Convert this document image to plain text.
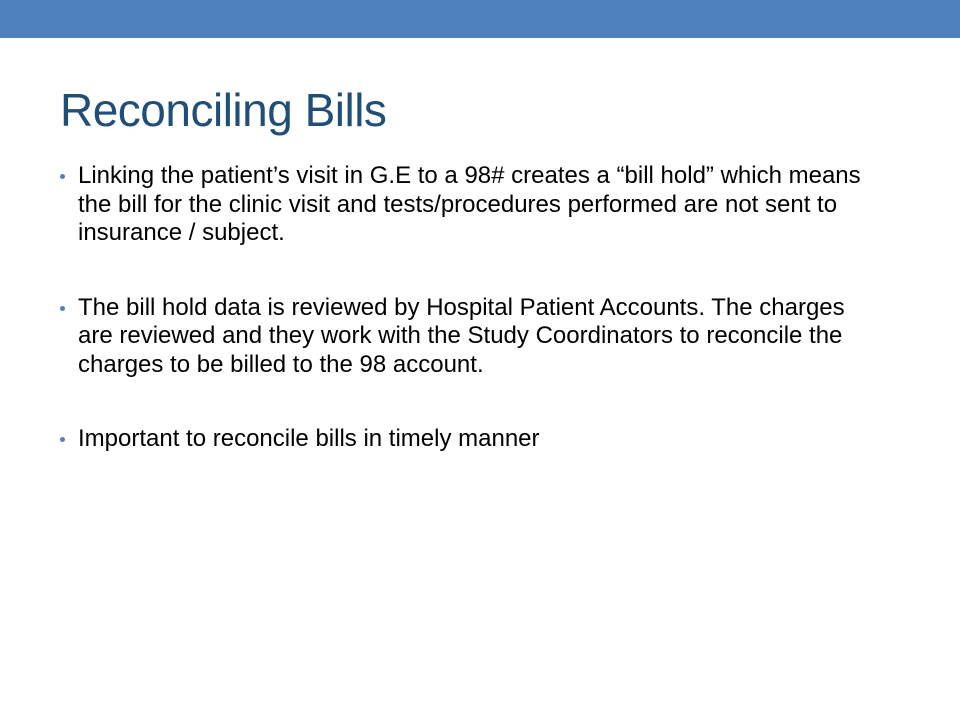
Reconciling Bills
Linking the patient’s visit in G.E to a 98# creates a “bill hold” which means the bill for the clinic visit and tests/procedures performed are not sent to insurance / subject.
The bill hold data is reviewed by Hospital Patient Accounts. The charges are reviewed and they work with the Study Coordinators to reconcile the charges to be billed to the 98 account.
Important to reconcile bills in timely manner
